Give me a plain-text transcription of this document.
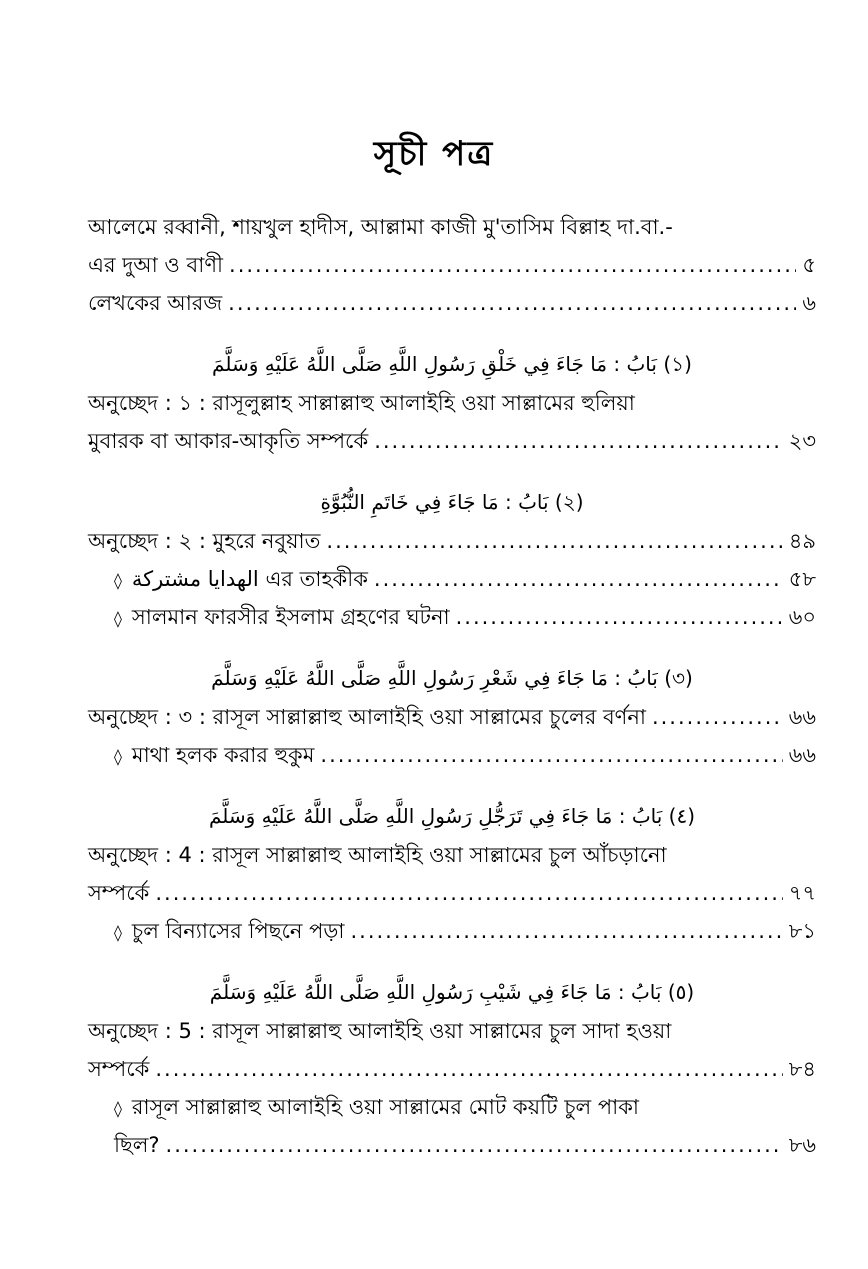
সূচী পত্র
আলেমে রব্বানী, শায়খুল হাদীস, আল্লামা কাজী মু'তাসিম বিল্লাহ দা.বা.-
এর দুআ ও বাণী .....	৫
লেখকের আরজ .....	৬
(১) بَابُ : مَا جَاءَ فِي خَلْقِ رَسُولِ اللَّهِ صَلَّى اللَّهُ عَلَيْهِ وَسَلَّمَ
অনুচ্ছেদ : ১ : রাসূলুল্লাহ সাল্লাল্লাহু আলাইহি ওয়া সাল্লামের হুলিয়া
মুবারক বা আকার-আকৃতি সম্পর্কে .....	২৩
(২) بَابُ : مَا جَاءَ فِي خَاتَمِ النُّبُوَّةِ
অনুচ্ছেদ : ২ : মুহরে নবুয়াত .....	৪৯
◊ الهدايا مشتركة এর তাহকীক .....	৫৮
◊ সালমান ফারসীর ইসলাম গ্রহণের ঘটনা .....	৬০
(৩) بَابُ : مَا جَاءَ فِي شَعْرِ رَسُولِ اللَّهِ صَلَّى اللَّهُ عَلَيْهِ وَسَلَّمَ
অনুচ্ছেদ : ৩ : রাসূল সাল্লাল্লাহু আলাইহি ওয়া সাল্লামের চুলের বর্ণনা .....	৬৬
◊ মাথা হলক করার হুকুম .....	৬৬
(٤) بَابُ : مَا جَاءَ فِي تَرَجُّلِ رَسُولِ اللَّهِ صَلَّى اللَّهُ عَلَيْهِ وَسَلَّمَ
অনুচ্ছেদ : 4 : রাসূল সাল্লাল্লাহু আলাইহি ওয়া সাল্লামের চুল আঁচড়ানো
সম্পর্কে .....	৭৭
◊ চুল বিন্যাসের পিছনে পড়া .....	৮১
(٥) بَابُ : مَا جَاءَ فِي شَيْبِ رَسُولِ اللَّهِ صَلَّى اللَّهُ عَلَيْهِ وَسَلَّمَ
অনুচ্ছেদ : 5 : রাসূল সাল্লাল্লাহু আলাইহি ওয়া সাল্লামের চুল সাদা হওয়া
সম্পর্কে .....	৮৪
◊ রাসূল সাল্লাল্লাহু আলাইহি ওয়া সাল্লামের মোট কয়টি চুল পাকা
ছিল? .....	৮৬
